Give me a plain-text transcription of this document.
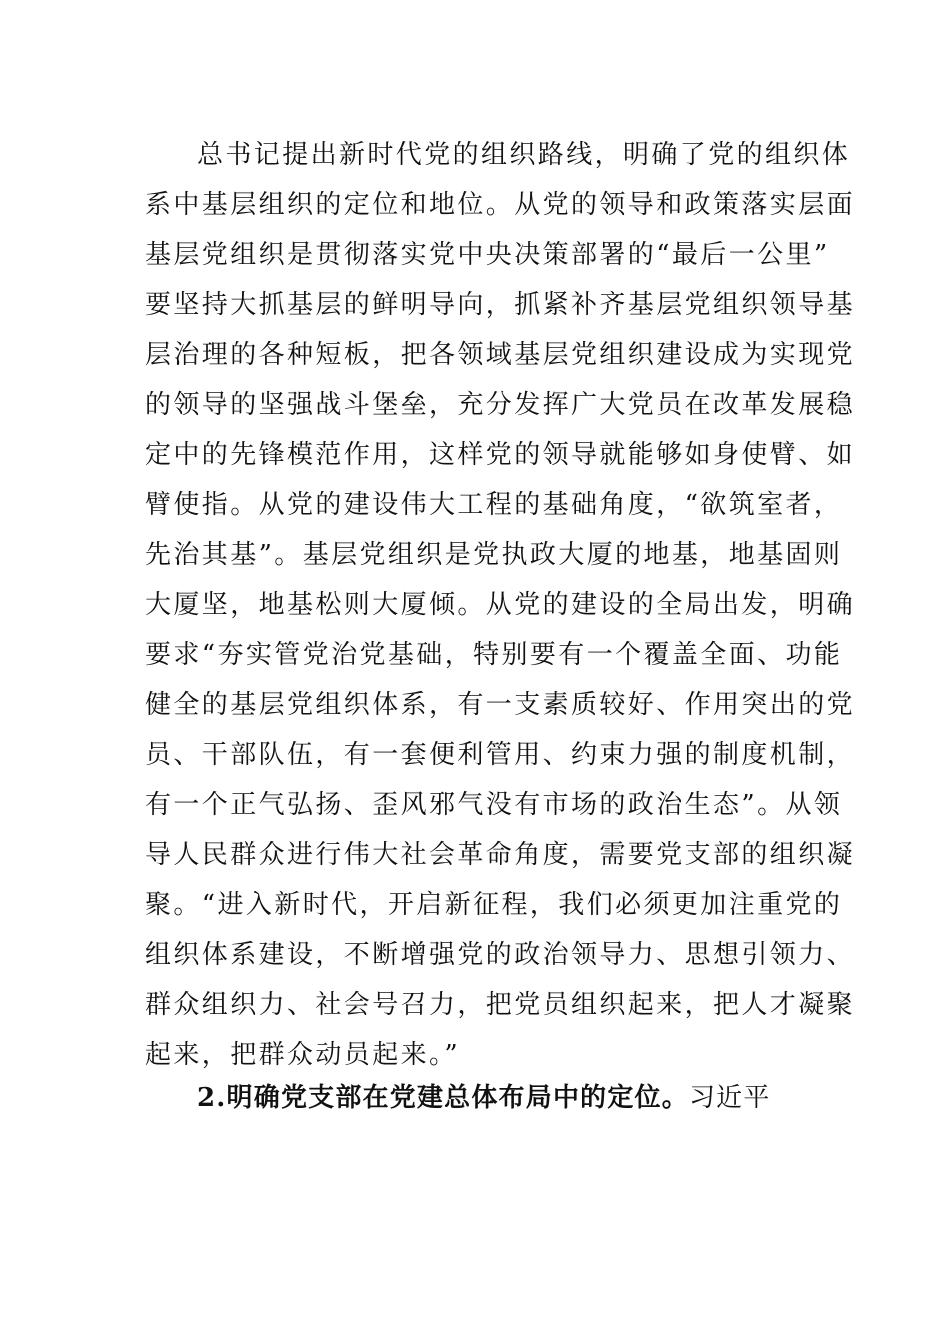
总书记提出新时代党的组织路线，明确了党的组织体
系中基层组织的定位和地位。从党的领导和政策落实层面
基层党组织是贯彻落实党中央决策部署的“最后一公里”
要坚持大抓基层的鲜明导向，抓紧补齐基层党组织领导基
层治理的各种短板，把各领域基层党组织建设成为实现党
的领导的坚强战斗堡垒，充分发挥广大党员在改革发展稳
定中的先锋模范作用，这样党的领导就能够如身使臂、如
臂使指。从党的建设伟大工程的基础角度，“欲筑室者，
先治其基”。基层党组织是党执政大厦的地基，地基固则
大厦坚，地基松则大厦倾。从党的建设的全局出发，明确
要求“夯实管党治党基础，特别要有一个覆盖全面、功能
健全的基层党组织体系，有一支素质较好、作用突出的党
员、干部队伍，有一套便利管用、约束力强的制度机制，
有一个正气弘扬、歪风邪气没有市场的政治生态”。从领
导人民群众进行伟大社会革命角度，需要党支部的组织凝
聚。“进入新时代，开启新征程，我们必须更加注重党的
组织体系建设，不断增强党的政治领导力、思想引领力、
群众组织力、社会号召力，把党员组织起来，把人才凝聚
起来，把群众动员起来。”
2.明确党支部在党建总体布局中的定位。习近平
